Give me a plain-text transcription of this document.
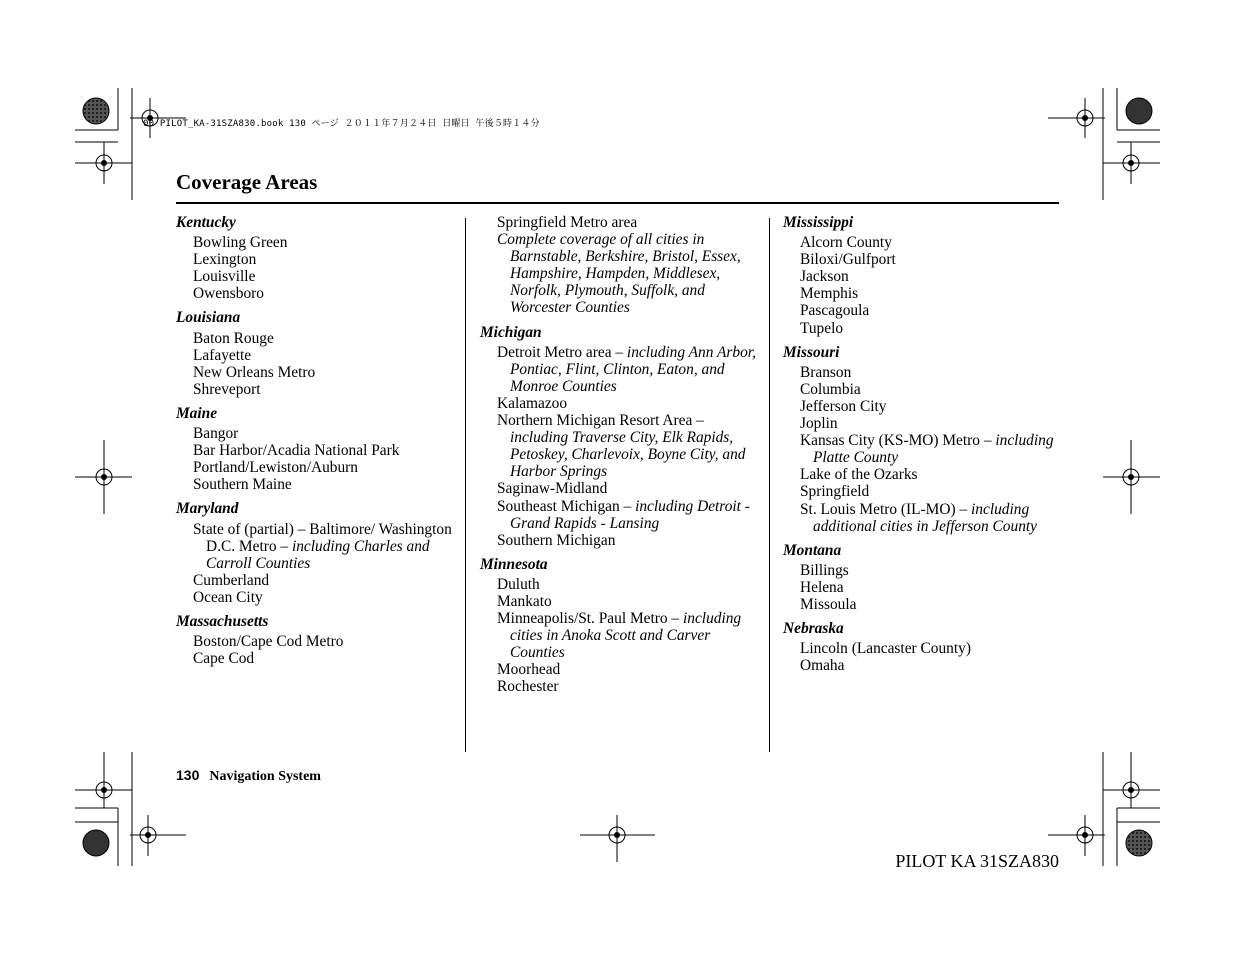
00 PILOT_KA-31SZA830.book 130 ページ ２０１１年７月２４日 日曜日 午後５時１４分
Coverage Areas
Kentucky
Bowling Green
Lexington
Louisville
Owensboro
Louisiana
Baton Rouge
Lafayette
New Orleans Metro
Shreveport
Maine
Bangor
Bar Harbor/Acadia National Park
Portland/Lewiston/Auburn
Southern Maine
Maryland
State of (partial) – Baltimore/ Washington D.C. Metro – including Charles and Carroll Counties
Cumberland
Ocean City
Massachusetts
Boston/Cape Cod Metro
Cape Cod
Springfield Metro area
Complete coverage of all cities in Barnstable, Berkshire, Bristol, Essex, Hampshire, Hampden, Middlesex, Norfolk, Plymouth, Suffolk, and Worcester Counties
Michigan
Detroit Metro area – including Ann Arbor, Pontiac, Flint, Clinton, Eaton, and Monroe Counties
Kalamazoo
Northern Michigan Resort Area – including Traverse City, Elk Rapids, Petoskey, Charlevoix, Boyne City, and Harbor Springs
Saginaw-Midland
Southeast Michigan – including Detroit - Grand Rapids - Lansing
Southern Michigan
Minnesota
Duluth
Mankato
Minneapolis/St. Paul Metro – including cities in Anoka Scott and Carver Counties
Moorhead
Rochester
Mississippi
Alcorn County
Biloxi/Gulfport
Jackson
Memphis
Pascagoula
Tupelo
Missouri
Branson
Columbia
Jefferson City
Joplin
Kansas City (KS-MO) Metro – including Platte County
Lake of the Ozarks
Springfield
St. Louis Metro (IL-MO) – including additional cities in Jefferson County
Montana
Billings
Helena
Missoula
Nebraska
Lincoln (Lancaster County)
Omaha
130 Navigation System
PILOT KA 31SZA830
